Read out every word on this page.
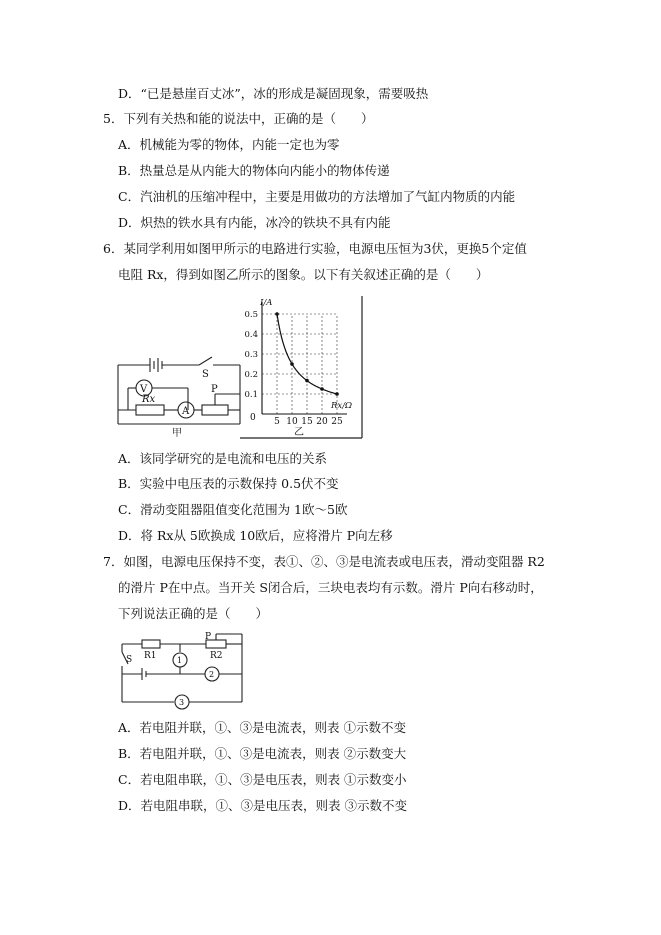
D．“已是悬崖百丈冰”，冰的形成是凝固现象，需要吸热
5．下列有关热和能的说法中，正确的是（　　）
A．机械能为零的物体，内能一定也为零
B．热量总是从内能大的物体向内能小的物体传递
C．汽油机的压缩冲程中，主要是用做功的方法增加了气缸内物质的内能
D．炽热的铁水具有内能，冰冷的铁块不具有内能
6．某同学利用如图甲所示的电路进行实验，电源电压恒为3伏，更换5个定值
电阻 Rx，得到如图乙所示的图象。以下有关叙述正确的是（　　）
V
A
Rx
S
P
甲
5 10 15 20 25
0.1
0.2
0.3
0.4
0.5
I/A
Rx/Ω
0
乙
A．该同学研究的是电流和电压的关系
B．实验中电压表的示数保持 0.5伏不变
C．滑动变阻器阻值变化范围为 1欧～5欧
D．将 Rx从 5欧换成 10欧后，应将滑片 P向左移
7．如图，电源电压保持不变，表①、②、③是电流表或电压表，滑动变阻器 R2
的滑片 P在中点。当开关 S闭合后，三块电表均有示数。滑片 P向右移动时，
下列说法正确的是（　　）
R1	R2
S
P
1
2
3
A．若电阻并联，①、③是电流表，则表 ①示数不变
B．若电阻并联，①、③是电流表，则表 ②示数变大
C．若电阻串联，①、③是电压表，则表 ①示数变小
D．若电阻串联，①、③是电压表，则表 ③示数不变
